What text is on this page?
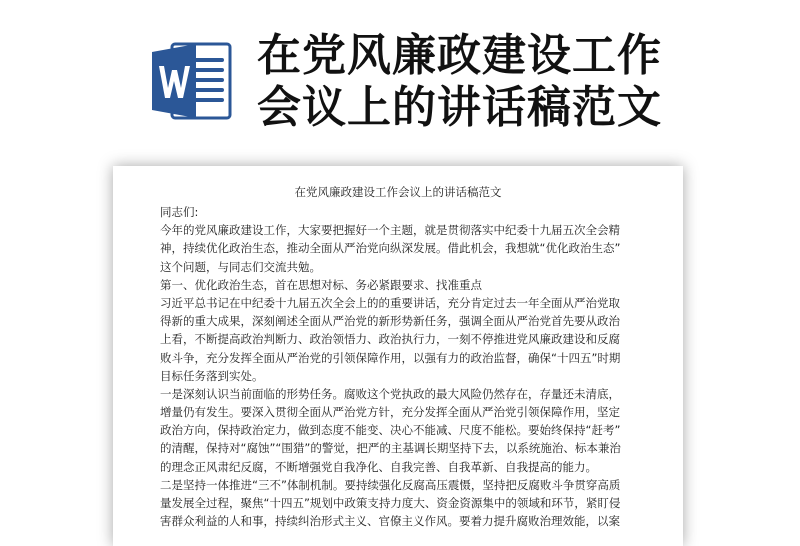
在党风廉政建设工作
会议上的讲话稿范文
在党风廉政建设工作会议上的讲话稿范文
同志们:
今年的党风廉政建设工作，大家要把握好一个主题，就是贯彻落实中纪委十九届五次全会精
神，持续优化政治生态，推动全面从严治党向纵深发展。借此机会，我想就“优化政治生态”
这个问题，与同志们交流共勉。
第一、优化政治生态，首在思想对标、务必紧跟要求、找准重点
习近平总书记在中纪委十九届五次全会上的的重要讲话，充分肯定过去一年全面从严治党取
得新的重大成果，深刻阐述全面从严治党的新形势新任务，强调全面从严治党首先要从政治
上看，不断提高政治判断力、政治领悟力、政治执行力，一刻不停推进党风廉政建设和反腐
败斗争，充分发挥全面从严治党的引领保障作用，以强有力的政治监督，确保“十四五”时期
目标任务落到实处。
一是深刻认识当前面临的形势任务。腐败这个党执政的最大风险仍然存在，存量还未清底，
增量仍有发生。要深入贯彻全面从严治党方针，充分发挥全面从严治党引领保障作用，坚定
政治方向，保持政治定力，做到态度不能变、决心不能减、尺度不能松。要始终保持“赶考”
的清醒，保持对“腐蚀”“围猎”的警觉，把严的主基调长期坚持下去，以系统施治、标本兼治
的理念正风肃纪反腐，不断增强党自我净化、自我完善、自我革新、自我提高的能力。
二是坚持一体推进“三不”体制机制。要持续强化反腐高压震慑，坚持把反腐败斗争贯穿高质
量发展全过程，聚焦“十四五”规划中政策支持力度大、资金资源集中的领域和环节，紧盯侵
害群众利益的人和事，持续纠治形式主义、官僚主义作风。要着力提升腐败治理效能，以案
